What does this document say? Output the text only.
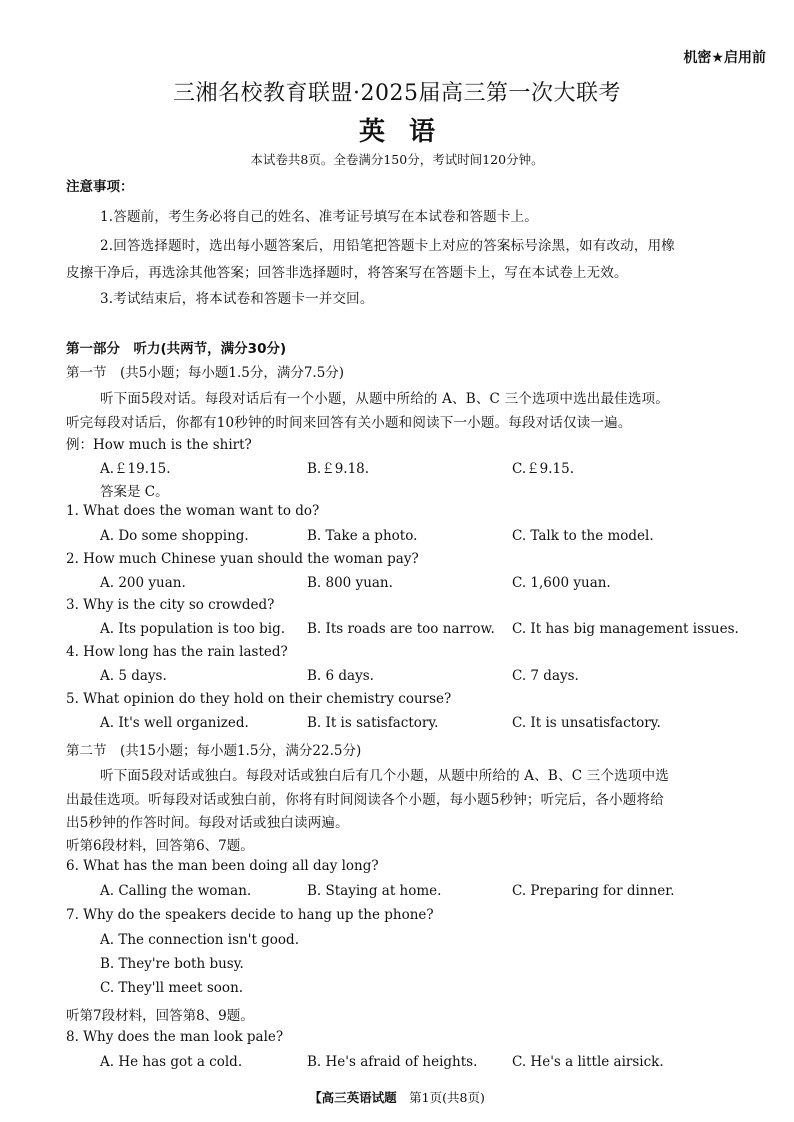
机密★启用前
三湘名校教育联盟·2025届高三第一次大联考
英语
本试卷共8页。全卷满分150分，考试时间120分钟。
注意事项：
1.答题前，考生务必将自己的姓名、准考证号填写在本试卷和答题卡上。
2.回答选择题时，选出每小题答案后，用铅笔把答题卡上对应的答案标号涂黑，如有改动，用橡
皮擦干净后，再选涂其他答案；回答非选择题时，将答案写在答题卡上，写在本试卷上无效。
3.考试结束后，将本试卷和答题卡一并交回。
第一部分　听力(共两节，满分30分)
第一节　(共5小题；每小题1.5分，满分7.5分)
听下面5段对话。每段对话后有一个小题，从题中所给的 A、B、C 三个选项中选出最佳选项。
听完每段对话后，你都有10秒钟的时间来回答有关小题和阅读下一小题。每段对话仅读一遍。
例：How much is the shirt?
A.￡19.15.	B.￡9.18.	C.￡9.15.
答案是 C。
1. What does the woman want to do?
A. Do some shopping.	B. Take a photo.	C. Talk to the model.
2. How much Chinese yuan should the woman pay?
A. 200 yuan.	B. 800 yuan.	C. 1,600 yuan.
3. Why is the city so crowded?
A. Its population is too big. B. Its roads are too narrow. C. It has big management issues.
4. How long has the rain lasted?
A. 5 days.	B. 6 days.	C. 7 days.
5. What opinion do they hold on their chemistry course?
A. It's well organized.	B. It is satisfactory.	C. It is unsatisfactory.
第二节　(共15小题；每小题1.5分，满分22.5分)
听下面5段对话或独白。每段对话或独白后有几个小题，从题中所给的 A、B、C 三个选项中选
出最佳选项。听每段对话或独白前，你将有时间阅读各个小题，每小题5秒钟；听完后，各小题将给
出5秒钟的作答时间。每段对话或独白读两遍。
听第6段材料，回答第6、7题。
6. What has the man been doing all day long?
A. Calling the woman.	B. Staying at home.	C. Preparing for dinner.
7. Why do the speakers decide to hang up the phone?
A. The connection isn't good.
B. They're both busy.
C. They'll meet soon.
听第7段材料，回答第8、9题。
8. Why does the man look pale?
A. He has got a cold.	B. He's afraid of heights.	C. He's a little airsick.
【高三英语试题　 第1页(共8页)
